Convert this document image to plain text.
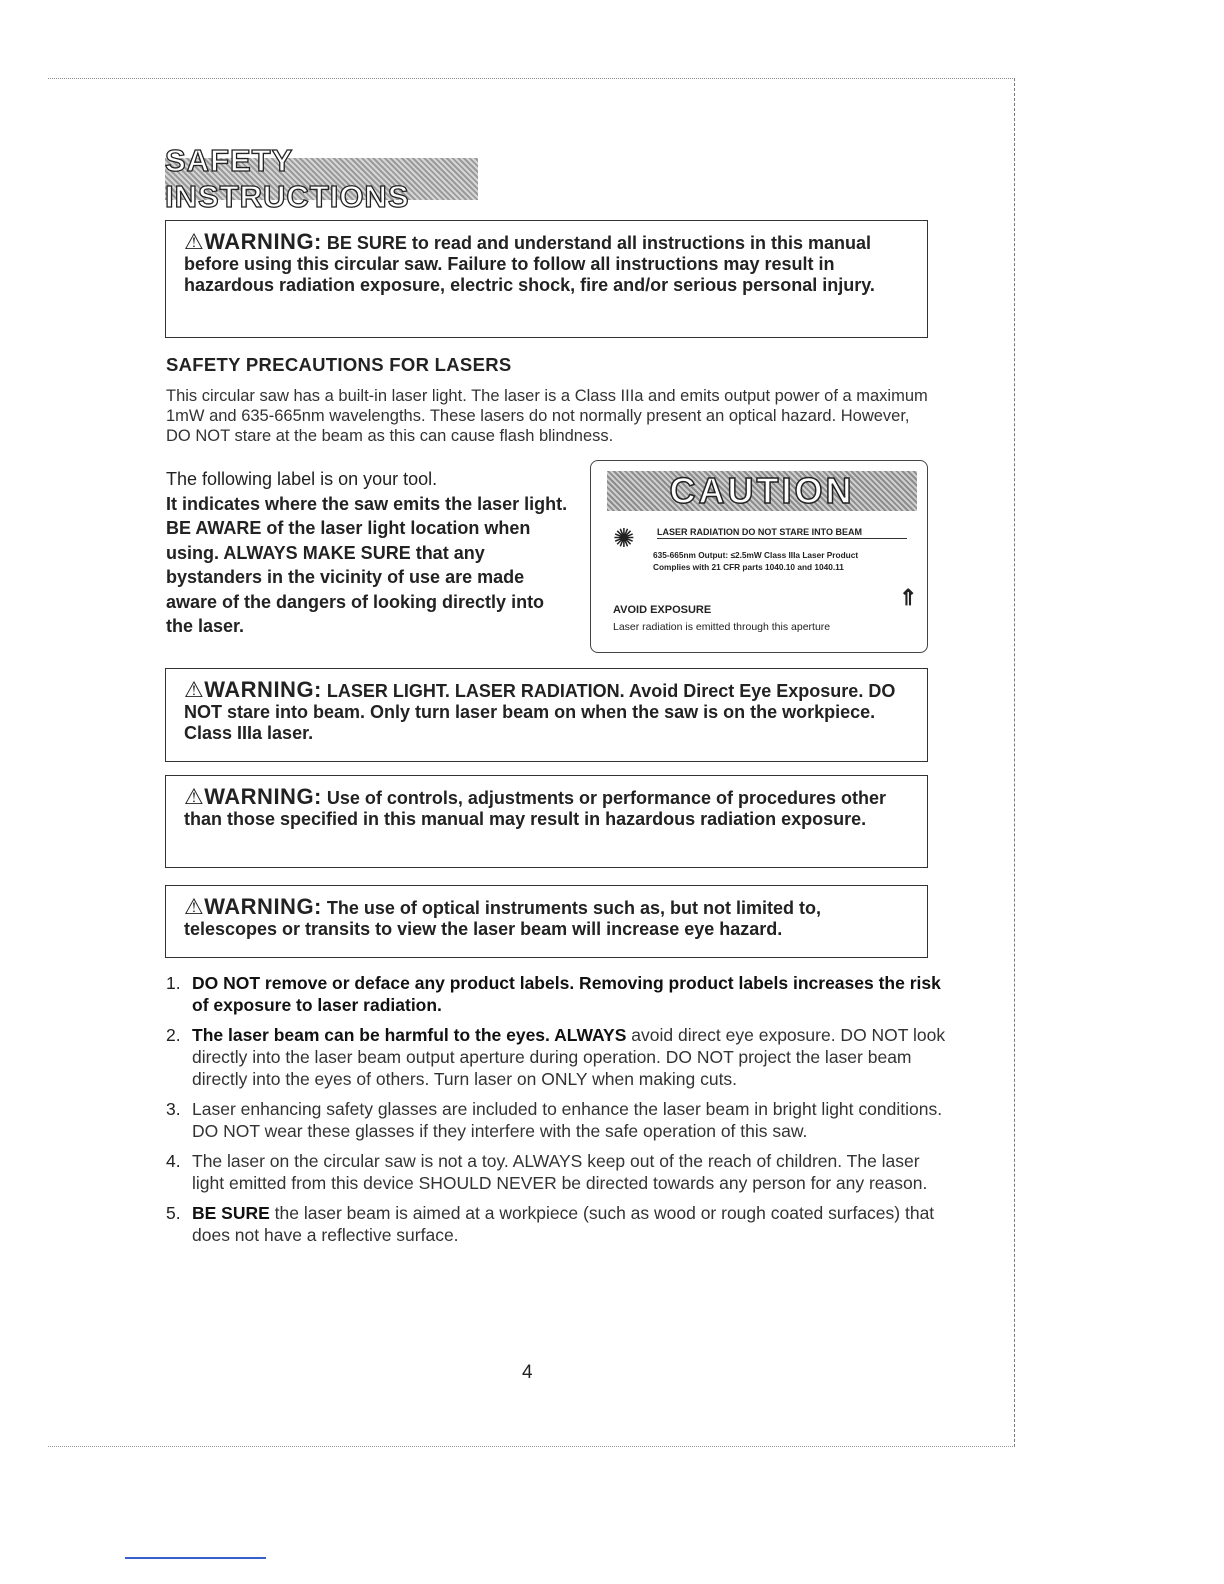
SAFETY INSTRUCTIONS
⚠WARNING: BE SURE to read and understand all instructions in this manual before using this circular saw. Failure to follow all instructions may result in hazardous radiation exposure, electric shock, fire and/or serious personal injury.
SAFETY PRECAUTIONS FOR LASERS
This circular saw has a built-in laser light. The laser is a Class IIIa and emits output power of a maximum 1mW and 635-665nm wavelengths. These lasers do not normally present an optical hazard. However, DO NOT stare at the beam as this can cause flash blindness.
The following label is on your tool.
It indicates where the saw emits the laser light. BE AWARE of the laser light location when using. ALWAYS MAKE SURE that any bystanders in the vicinity of use are made aware of the dangers of looking directly into the laser.
CAUTION
✺ LASER RADIATION DO NOT STARE INTO BEAM
635-665nm Output: ≤2.5mW Class IIIa Laser Product
Complies with 21 CFR parts 1040.10 and 1040.11
AVOID EXPOSURE
Laser radiation is emitted through this aperture
⇑
⚠WARNING: LASER LIGHT. LASER RADIATION. Avoid Direct Eye Exposure. DO NOT stare into beam. Only turn laser beam on when the saw is on the workpiece. Class IIIa laser.
⚠WARNING: Use of controls, adjustments or performance of procedures other than those specified in this manual may result in hazardous radiation exposure.
⚠WARNING: The use of optical instruments such as, but not limited to, telescopes or transits to view the laser beam will increase eye hazard.
1. DO NOT remove or deface any product labels. Removing product labels increases the risk of exposure to laser radiation.
2. The laser beam can be harmful to the eyes. ALWAYS avoid direct eye exposure. DO NOT look directly into the laser beam output aperture during operation. DO NOT project the laser beam directly into the eyes of others. Turn laser on ONLY when making cuts.
3. Laser enhancing safety glasses are included to enhance the laser beam in bright light conditions. DO NOT wear these glasses if they interfere with the safe operation of this saw.
4. The laser on the circular saw is not a toy. ALWAYS keep out of the reach of children. The laser light emitted from this device SHOULD NEVER be directed towards any person for any reason.
5. BE SURE the laser beam is aimed at a workpiece (such as wood or rough coated surfaces) that does not have a reflective surface.
4
